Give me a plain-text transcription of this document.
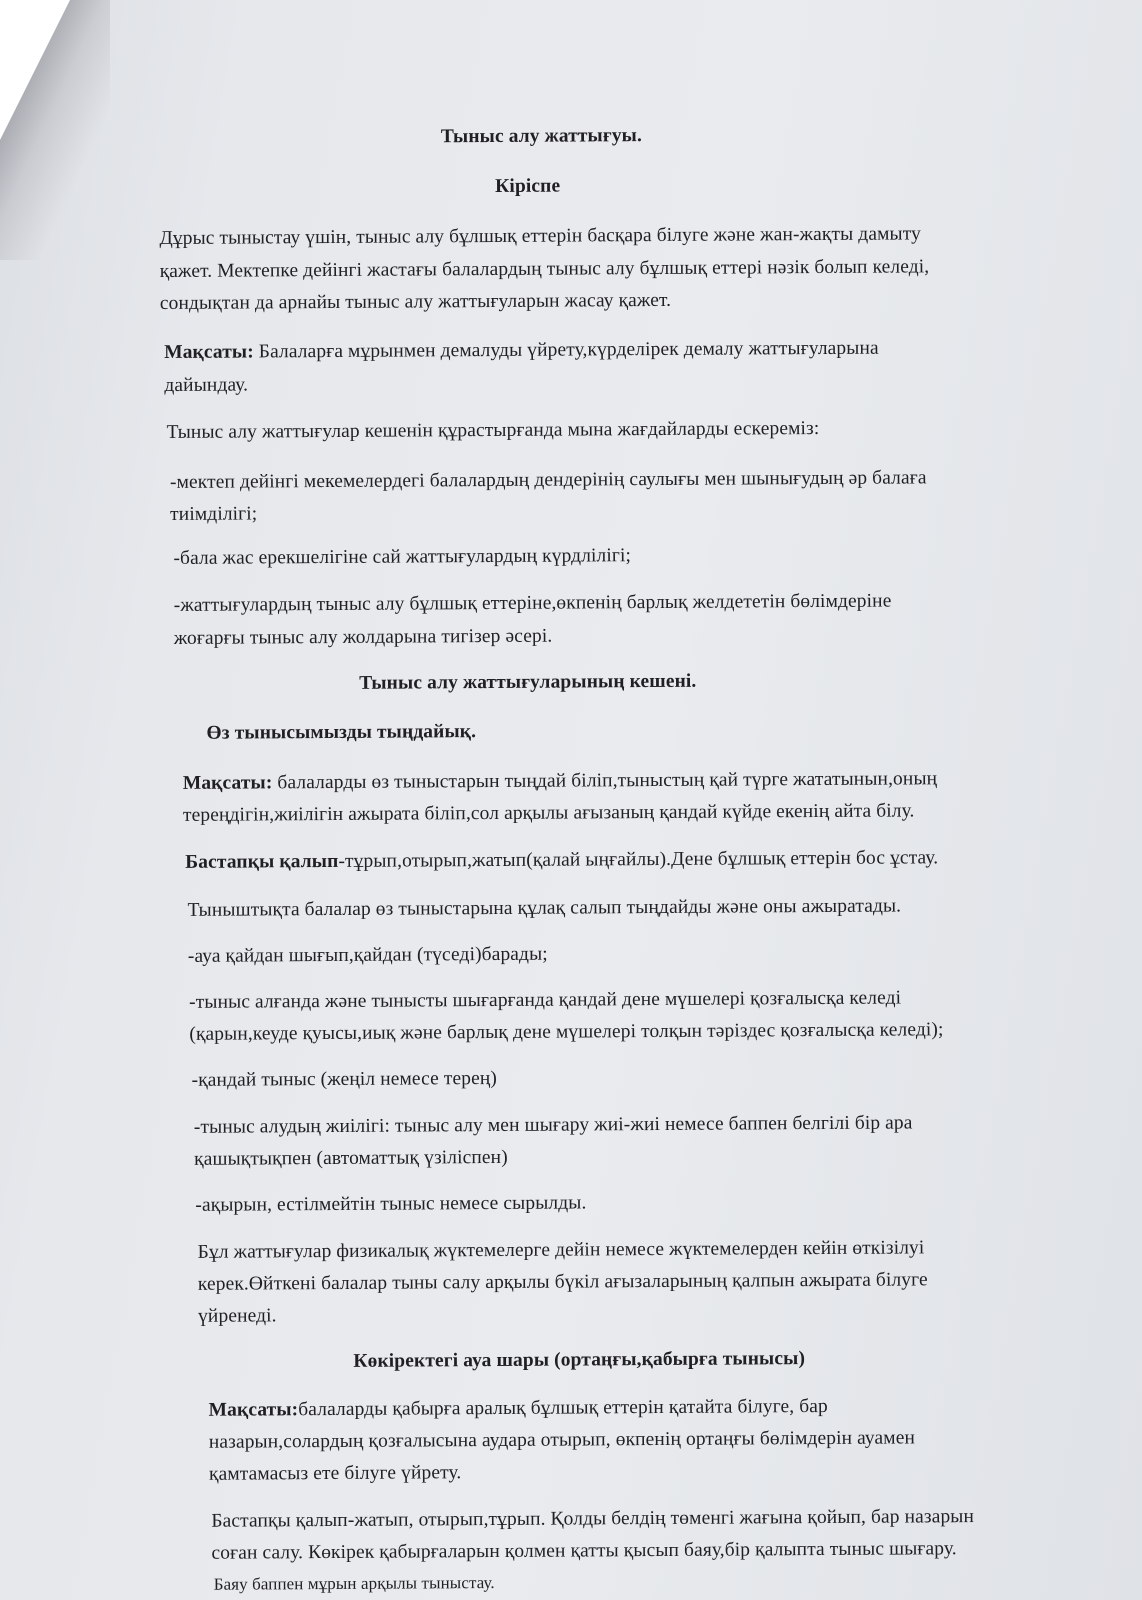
Тыныс алу жаттығуы.
Кіріспе
Дұрыс тыныстау үшін, тыныс алу бұлшық еттерін басқара білуге және жан-жақты дамыту
қажет. Мектепке дейінгі жастағы балалардың тыныс алу бұлшық еттері нәзік болып келеді,
сондықтан да арнайы тыныс алу жаттығуларын жасау қажет.
Мақсаты: Балаларға мұрынмен демалуды үйрету,күрделірек демалу жаттығуларына
дайындау.
Тыныс алу жаттығулар кешенін құрастырғанда мына жағдайларды ескереміз:
-мектеп дейінгі мекемелердегі балалардың дендерінің саулығы мен шынығудың әр балаға
тиімділігі;
-бала жас ерекшелігіне сай жаттығулардың күрдлілігі;
-жаттығулардың тыныс алу бұлшық еттеріне,өкпенің барлық желдететін бөлімдеріне
жоғарғы тыныс алу жолдарына тигізер әсері.
Тыныс алу жаттығуларының кешені.
Өз тынысымызды тыңдайық.
Мақсаты: балаларды өз тыныстарын тыңдай біліп,тыныстың қай түрге жататынын,оның
тереңдігін,жиілігін ажырата біліп,сол арқылы ағызаның қандай күйде екенің айта білу.
Бастапқы қалып-тұрып,отырып,жатып(қалай ыңғайлы).Дене бұлшық еттерін бос ұстау.
Тыныштықта балалар өз тыныстарына құлақ салып тыңдайды және оны ажыратады.
-ауа қайдан шығып,қайдан (түседі)барады;
-тыныс алғанда және тынысты шығарғанда қандай дене мүшелері қозғалысқа келеді
(қарын,кеуде қуысы,иық және барлық дене мүшелері толқын тәріздес қозғалысқа келеді);
-қандай тыныс (жеңіл немесе терең)
-тыныс алудың жиілігі: тыныс алу мен шығару жиі-жиі немесе баппен белгілі бір ара
қашықтықпен (автоматтық үзіліспен)
-ақырын, естілмейтін тыныс немесе сырылды.
Бұл жаттығулар физикалық жүктемелерге дейін немесе жүктемелерден кейін өткізілуі
керек.Өйткені балалар тыны салу арқылы бүкіл ағызаларының қалпын ажырата білуге
үйренеді.
Көкіректегі ауа шары (ортаңғы,қабырға тынысы)
Мақсаты:балаларды қабырға аралық бұлшық еттерін қатайта білуге, бар
назарын,солардың қозғалысына аудара отырып, өкпенің ортаңғы бөлімдерін ауамен
қамтамасыз ете білуге үйрету.
Бастапқы қалып-жатып, отырып,тұрып. Қолды белдің төменгі жағына қойып, бар назарын
соған салу. Көкірек қабырғаларын қолмен қатты қысып баяу,бір қалыпта тыныс шығару.
Баяу баппен мұрын арқылы тыныстау.
